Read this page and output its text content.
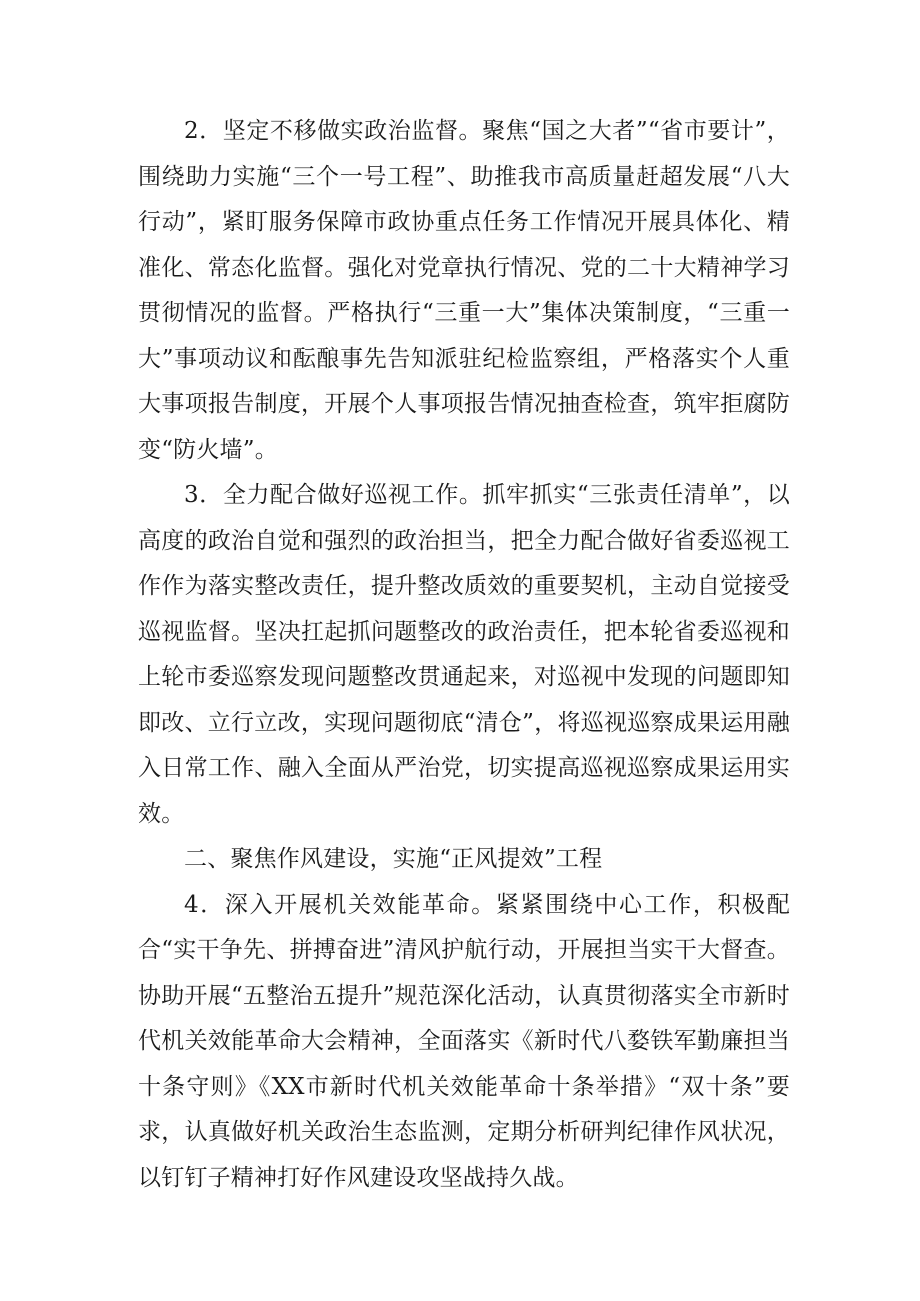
2．坚定不移做实政治监督。聚焦“国之大者”“省市要计”，围绕助力实施“三个一号工程”、助推我市高质量赶超发展“八大行动”，紧盯服务保障市政协重点任务工作情况开展具体化、精准化、常态化监督。强化对党章执行情况、党的二十大精神学习贯彻情况的监督。严格执行“三重一大”集体决策制度，“三重一大”事项动议和酝酿事先告知派驻纪检监察组，严格落实个人重大事项报告制度，开展个人事项报告情况抽查检查，筑牢拒腐防变“防火墙”。

3．全力配合做好巡视工作。抓牢抓实“三张责任清单”，以高度的政治自觉和强烈的政治担当，把全力配合做好省委巡视工作作为落实整改责任，提升整改质效的重要契机，主动自觉接受巡视监督。坚决扛起抓问题整改的政治责任，把本轮省委巡视和上轮市委巡察发现问题整改贯通起来，对巡视中发现的问题即知即改、立行立改，实现问题彻底“清仓”，将巡视巡察成果运用融入日常工作、融入全面从严治党，切实提高巡视巡察成果运用实效。

二、聚焦作风建设，实施“正风提效”工程

4．深入开展机关效能革命。紧紧围绕中心工作，积极配合“实干争先、拼搏奋进”清风护航行动，开展担当实干大督查。协助开展“五整治五提升”规范深化活动，认真贯彻落实全市新时代机关效能革命大会精神，全面落实《新时代八婺铁军勤廉担当十条守则》《XX市新时代机关效能革命十条举措》“双十条”要求，认真做好机关政治生态监测，定期分析研判纪律作风状况，以钉钉子精神打好作风建设攻坚战持久战。
